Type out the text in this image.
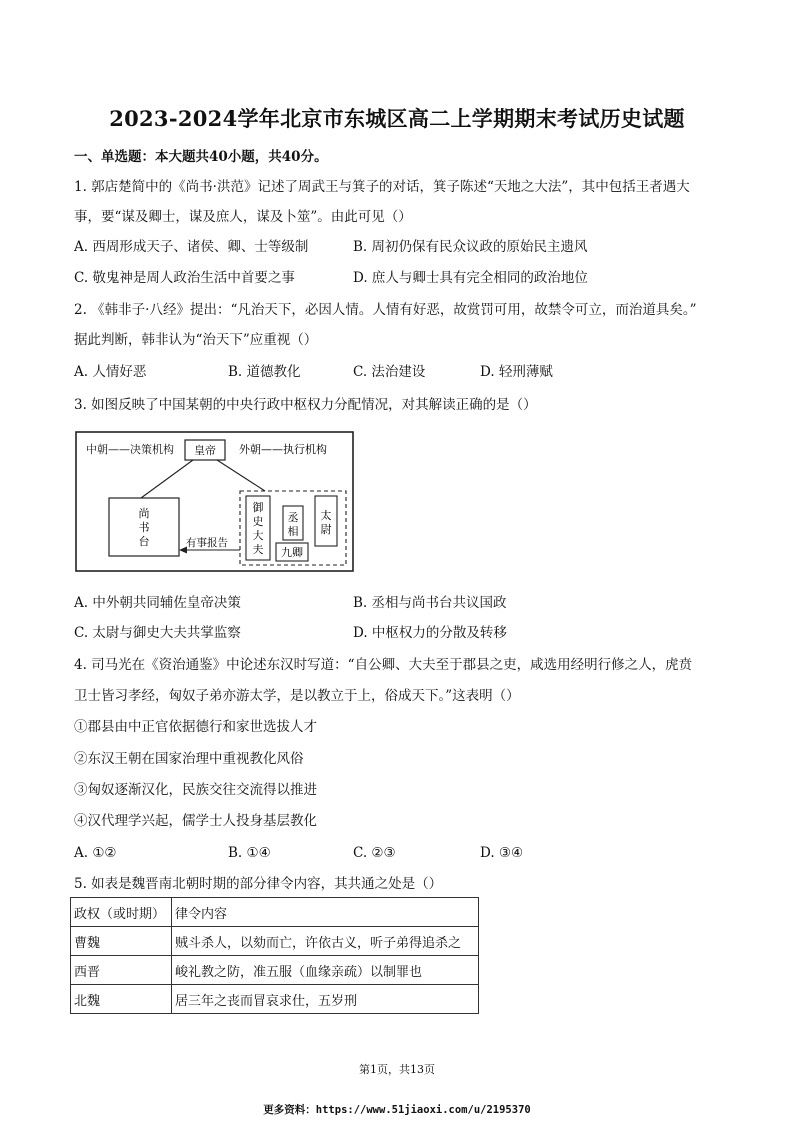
2023-2024学年北京市东城区高二上学期期末考试历史试题
一、单选题：本大题共40小题，共40分。
1. 郭店楚简中的《尚书·洪范》记述了周武王与箕子的对话，箕子陈述“天地之大法”，其中包括王者遇大
事，要“谋及卿士，谋及庶人，谋及卜筮”。由此可见（）
A. 西周形成天子、诸侯、卿、士等级制	B. 周初仍保有民众议政的原始民主遗风
C. 敬鬼神是周人政治生活中首要之事	D. 庶人与卿士具有完全相同的政治地位
2. 《韩非子·八经》提出：“凡治天下，必因人情。人情有好恶，故赏罚可用，故禁令可立，而治道具矣。”
据此判断，韩非认为“治天下”应重视（）
A. 人情好恶	B. 道德教化	C. 法治建设	D. 轻刑薄赋
3. 如图反映了中国某朝的中央行政中枢权力分配情况，对其解读正确的是（）
中朝——决策机构 皇帝 外朝——执行机构
尚
书
台
御
史
大
夫
丞
相
太
尉
九卿
有事报告
A. 中外朝共同辅佐皇帝决策	B. 丞相与尚书台共议国政
C. 太尉与御史大夫共掌监察	D. 中枢权力的分散及转移
4. 司马光在《资治通鉴》中论述东汉时写道：“自公卿、大夫至于郡县之吏，咸选用经明行修之人，虎贲
卫士皆习孝经，匈奴子弟亦游太学，是以教立于上，俗成天下。”这表明（）
①郡县由中正官依据德行和家世选拔人才
②东汉王朝在国家治理中重视教化风俗
③匈奴逐渐汉化，民族交往交流得以推进
④汉代理学兴起，儒学士人投身基层教化
A. ①②	B. ①④	C. ②③	D. ③④
5. 如表是魏晋南北朝时期的部分律令内容，其共通之处是（）
政权（或时期）	律令内容
曹魏	贼斗杀人，以劾而亡，许依古义，听子弟得追杀之
西晋	峻礼教之防，准五服（血缘亲疏）以制罪也
北魏	居三年之丧而冒哀求仕，五岁刑
第1页，共13页
更多资料：https://www.51jiaoxi.com/u/2195370
